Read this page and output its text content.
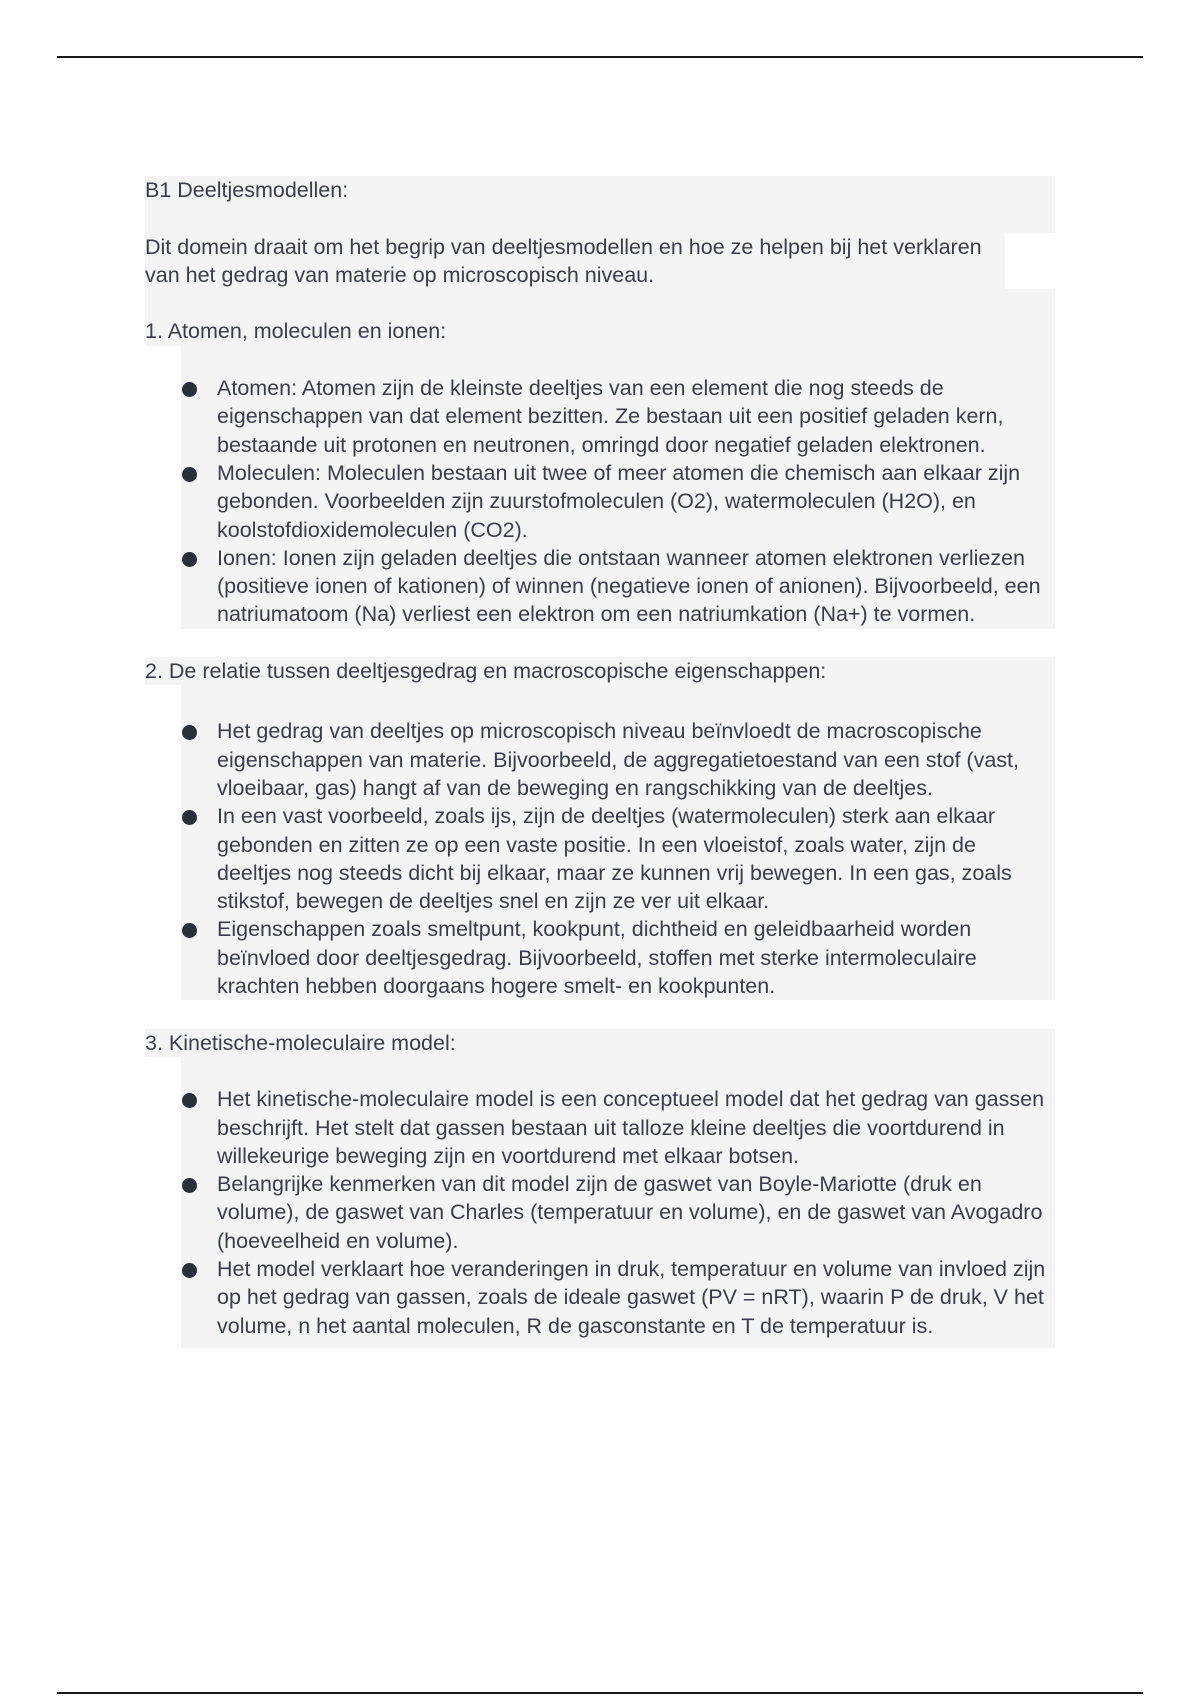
B1 Deeltjesmodellen:

Dit domein draait om het begrip van deeltjesmodellen en hoe ze helpen bij het verklaren van het gedrag van materie op microscopisch niveau.

1. Atomen, moleculen en ionen:

Atomen: Atomen zijn de kleinste deeltjes van een element die nog steeds de eigenschappen van dat element bezitten. Ze bestaan uit een positief geladen kern, bestaande uit protonen en neutronen, omringd door negatief geladen elektronen.
Moleculen: Moleculen bestaan uit twee of meer atomen die chemisch aan elkaar zijn gebonden. Voorbeelden zijn zuurstofmoleculen (O2), watermoleculen (H2O), en koolstofdioxidemoleculen (CO2).
Ionen: Ionen zijn geladen deeltjes die ontstaan wanneer atomen elektronen verliezen (positieve ionen of kationen) of winnen (negatieve ionen of anionen). Bijvoorbeeld, een natriumatoom (Na) verliest een elektron om een natriumkation (Na+) te vormen.

2. De relatie tussen deeltjesgedrag en macroscopische eigenschappen:

Het gedrag van deeltjes op microscopisch niveau beïnvloedt de macroscopische eigenschappen van materie. Bijvoorbeeld, de aggregatietoestand van een stof (vast, vloeibaar, gas) hangt af van de beweging en rangschikking van de deeltjes.
In een vast voorbeeld, zoals ijs, zijn de deeltjes (watermoleculen) sterk aan elkaar gebonden en zitten ze op een vaste positie. In een vloeistof, zoals water, zijn de deeltjes nog steeds dicht bij elkaar, maar ze kunnen vrij bewegen. In een gas, zoals stikstof, bewegen de deeltjes snel en zijn ze ver uit elkaar.
Eigenschappen zoals smeltpunt, kookpunt, dichtheid en geleidbaarheid worden beïnvloed door deeltjesgedrag. Bijvoorbeeld, stoffen met sterke intermoleculaire krachten hebben doorgaans hogere smelt- en kookpunten.

3. Kinetische-moleculaire model:

Het kinetische-moleculaire model is een conceptueel model dat het gedrag van gassen beschrijft. Het stelt dat gassen bestaan uit talloze kleine deeltjes die voortdurend in willekeurige beweging zijn en voortdurend met elkaar botsen.
Belangrijke kenmerken van dit model zijn de gaswet van Boyle-Mariotte (druk en volume), de gaswet van Charles (temperatuur en volume), en de gaswet van Avogadro (hoeveelheid en volume).
Het model verklaart hoe veranderingen in druk, temperatuur en volume van invloed zijn op het gedrag van gassen, zoals de ideale gaswet (PV = nRT), waarin P de druk, V het volume, n het aantal moleculen, R de gasconstante en T de temperatuur is.
